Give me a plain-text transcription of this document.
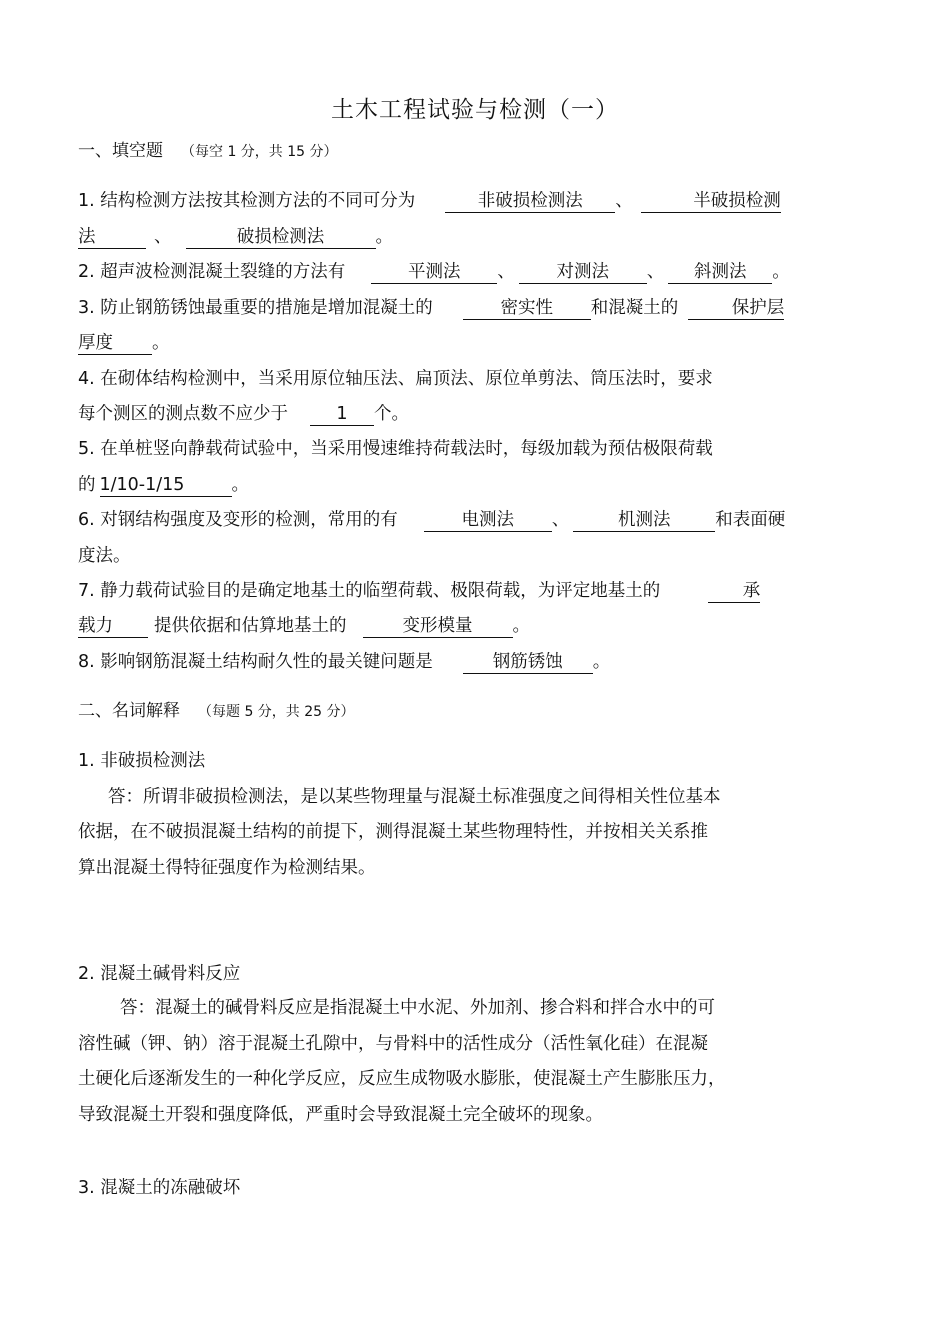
土木工程试验与检测（一）
一、填空题 （每空 1 分，共 15 分）
1. 结构检测方法按其检测方法的不同可分为	非破损检测法 、	半破损检测
法	、	破损检测法	。
2. 超声波检测混凝土裂缝的方法有	平测法 、 对测法 、 斜测法 。
3. 防止钢筋锈蚀最重要的措施是增加混凝土的	密实性 和混凝土的	保护层
厚度 。
4. 在砌体结构检测中，当采用原位轴压法、扁顶法、原位单剪法、筒压法时，要求
每个测区的测点数不应少于	1 个。
5. 在单桩竖向静载荷试验中，当采用慢速维持荷载法时，每级加载为预估极限荷载
的 1/10-1/15	。
6. 对钢结构强度及变形的检测，常用的有	电测法 、	机测法	和表面硬
度法。
7. 静力载荷试验目的是确定地基土的临塑荷载、极限荷载，为评定地基土的	承
载力 提供依据和估算地基土的	变形模量 。
8. 影响钢筋混凝土结构耐久性的最关键问题是	钢筋锈蚀 。
二、名词解释 （每题 5 分，共 25 分）
1. 非破损检测法
答：所谓非破损检测法，是以某些物理量与混凝土标准强度之间得相关性位基本
依据，在不破损混凝土结构的前提下，测得混凝土某些物理特性，并按相关关系推
算出混凝土得特征强度作为检测结果。
2. 混凝土碱骨料反应
答：混凝土的碱骨料反应是指混凝土中水泥、外加剂、掺合料和拌合水中的可
溶性碱（钾、钠）溶于混凝土孔隙中，与骨料中的活性成分（活性氧化硅）在混凝
土硬化后逐渐发生的一种化学反应，反应生成物吸水膨胀，使混凝土产生膨胀压力，
导致混凝土开裂和强度降低，严重时会导致混凝土完全破坏的现象。
3. 混凝土的冻融破坏
